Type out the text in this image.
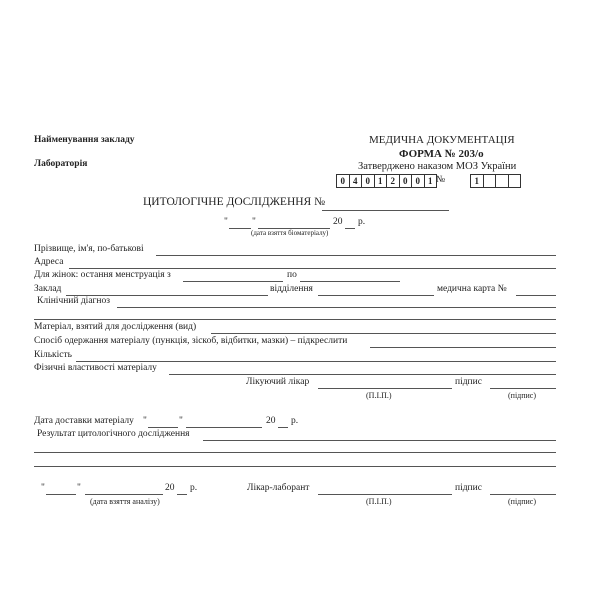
Найменування закладу
Лабораторія
МЕДИЧНА ДОКУМЕНТАЦІЯ
ФОРМА № 203/о
Затверджено наказом МОЗ України
0 4 0 1 2 0 0 1 №	1
ЦИТОЛОГІЧНЕ ДОСЛІДЖЕННЯ №
"	"	20 р.
(дата взяття біоматеріалу)
Прізвище, ім'я, по-батькові
Адреса
Для жінок: остання менструація з	по
Заклад	відділення	медична карта №
Клінічний діагноз
Матеріал, взятий для дослідження (вид)
Спосіб одержання матеріалу (пункція, зіскоб, відбитки, мазки) – підкреслити
Кількість
Фізичні властивості матеріалу
Лікуючий лікар	підпис
(П.І.П.)	(підпис)
Дата доставки матеріалу "	"	20 р.
Результат цитологічного дослідження
"	"	20 р.
(дата взяття аналізу)
Лікар-лаборант	підпис
(П.І.П.)	(підпис)
